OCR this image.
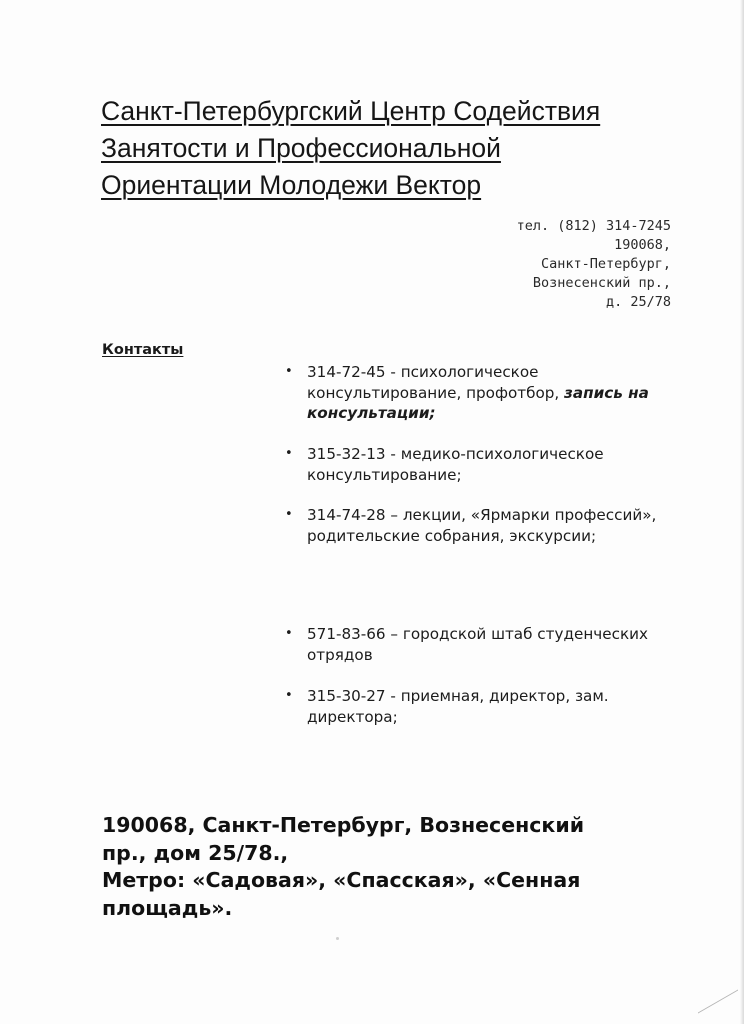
Санкт-Петербургский Центр Содействия
Занятости и Профессиональной
Ориентации Молодежи Вектор
тел. (812) 314-7245
190068,
Санкт-Петербург,
Вознесенский пр.,
д. 25/78
Контакты
• 314-72-45 - психологическое консультирование, профотбор, запись на консультации;
• 315-32-13 - медико-психологическое консультирование;
• 314-74-28 – лекции, «Ярмарки профессий», родительские собрания, экскурсии;
• 571-83-66 – городской штаб студенческих отрядов
• 315-30-27 - приемная, директор, зам. директора;
190068, Санкт-Петербург, Вознесенский
пр., дом 25/78.,
Метро: «Садовая», «Спасская», «Сенная
площадь».
